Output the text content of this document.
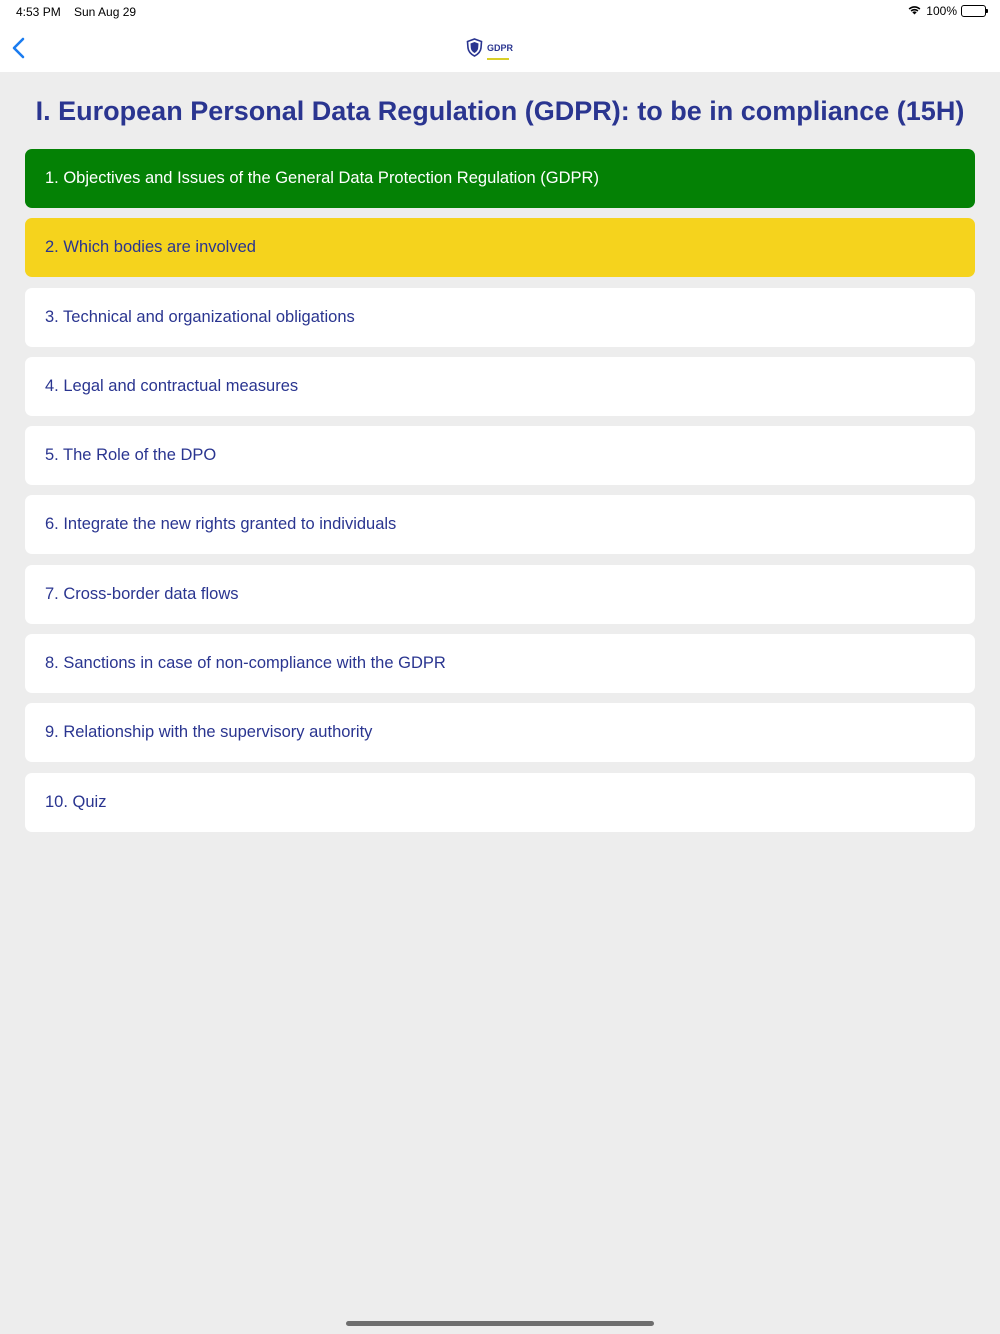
4:53 PM Sun Aug 29	100%
GDPR
I. European Personal Data Regulation (GDPR): to be in compliance (15H)
1. Objectives and Issues of the General Data Protection Regulation (GDPR)
2. Which bodies are involved
3. Technical and organizational obligations
4. Legal and contractual measures
5. The Role of the DPO
6. Integrate the new rights granted to individuals
7. Cross-border data flows
8. Sanctions in case of non-compliance with the GDPR
9. Relationship with the supervisory authority
10. Quiz
